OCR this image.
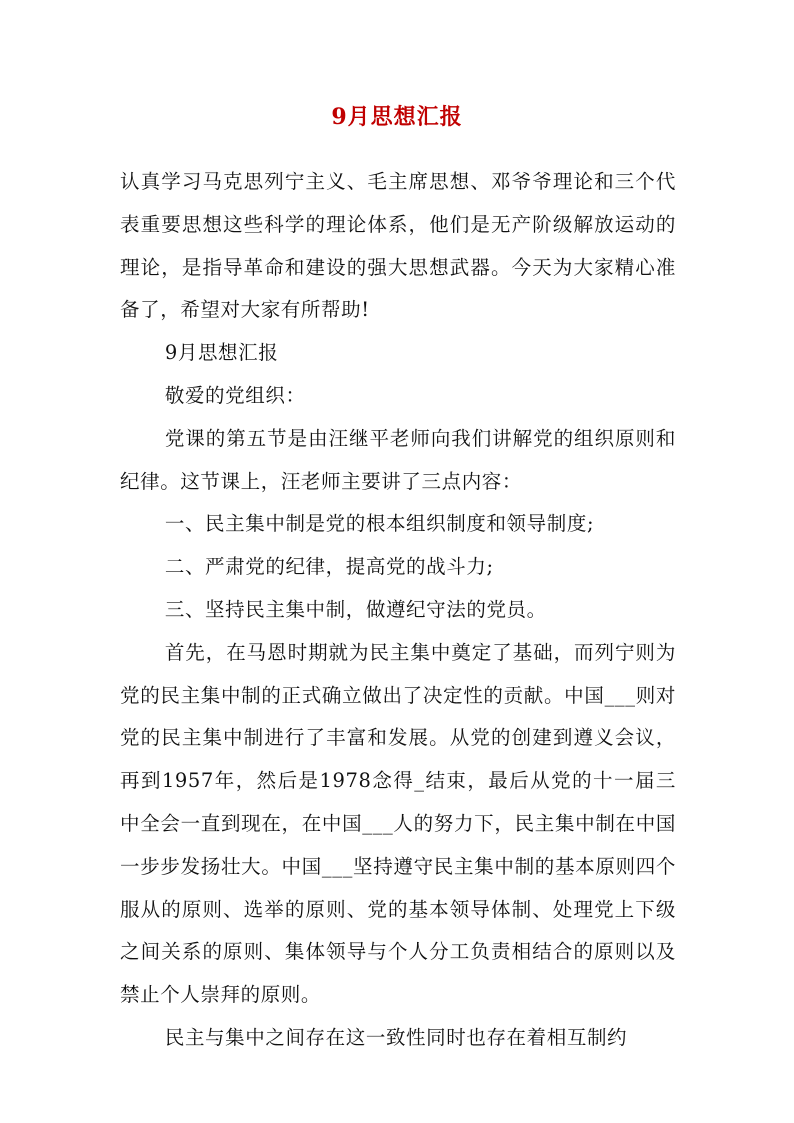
9月思想汇报

认真学习马克思列宁主义、毛主席思想、邓爷爷理论和三个代表重要思想这些科学的理论体系，他们是无产阶级解放运动的理论，是指导革命和建设的强大思想武器。今天为大家精心准备了，希望对大家有所帮助!

9月思想汇报

敬爱的党组织：

党课的第五节是由汪继平老师向我们讲解党的组织原则和纪律。这节课上，汪老师主要讲了三点内容：

一、民主集中制是党的根本组织制度和领导制度;

二、严肃党的纪律，提高党的战斗力;

三、坚持民主集中制，做遵纪守法的党员。

首先，在马恩时期就为民主集中奠定了基础，而列宁则为党的民主集中制的正式确立做出了决定性的贡献。中国___则对党的民主集中制进行了丰富和发展。从党的创建到遵义会议，再到1957年，然后是1978念得_结束，最后从党的十一届三中全会一直到现在，在中国___人的努力下，民主集中制在中国一步步发扬壮大。中国___坚持遵守民主集中制的基本原则四个服从的原则、选举的原则、党的基本领导体制、处理党上下级之间关系的原则、集体领导与个人分工负责相结合的原则以及禁止个人崇拜的原则。

民主与集中之间存在这一致性同时也存在着相互制约
